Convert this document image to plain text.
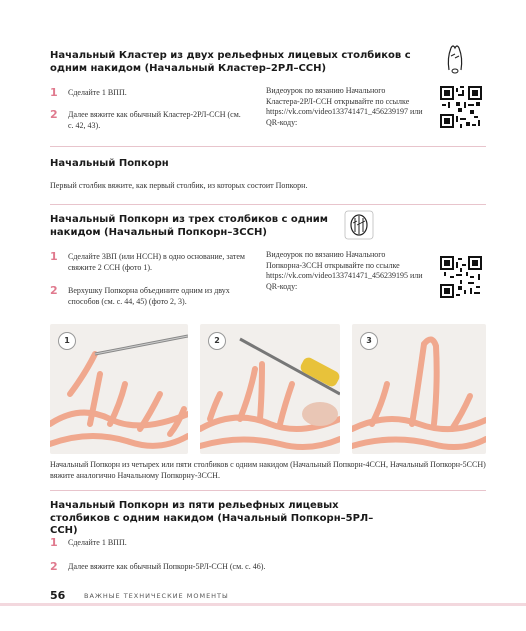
Начальный Кластер из двух рельефных лицевых столбиков с одним накидом (Начальный Кластер–2РЛ–ССН)
1 Сделайте 1 ВПП.
2 Далее вяжите как обычный Кластер-2РЛ-ССН (см. с. 42, 43).
Видеоурок по вязанию Начального Кластера-2РЛ-ССН открывайте по ссылке https://vk.com/video133741471_456239197 или QR-коду:
Начальный Попкорн
Первый столбик вяжите, как первый столбик, из которых состоит Попкорн.
Начальный Попкорн из трех столбиков с одним накидом (Начальный Попкорн–3ССН)
1 Сделайте 3ВП (или НССН) в одно основание, затем свяжите 2 ССН (фото 1).
2 Верхушку Попкорна объедините одним из двух способов (см. с. 44, 45) (фото 2, 3).
Видеоурок по вязанию Начального Попкорна-3ССН открывайте по ссылке https://vk.com/video133741471_456239195 или QR-коду:
1	2	3
Начальный Попкорн из четырех или пяти столбиков с одним накидом (Начальный Попкорн-4ССН, Начальный Попкорн-5ССН) вяжите аналогично Начальному Попкорну-3ССН.
Начальный Попкорн из пяти рельефных лицевых столбиков с одним накидом (Начальный Попкорн–5РЛ–ССН)
1 Сделайте 1 ВПП.
2 Далее вяжите как обычный Попкорн-5РЛ-ССН (см. с. 46).
56	ВАЖНЫЕ ТЕХНИЧЕСКИЕ МОМЕНТЫ
